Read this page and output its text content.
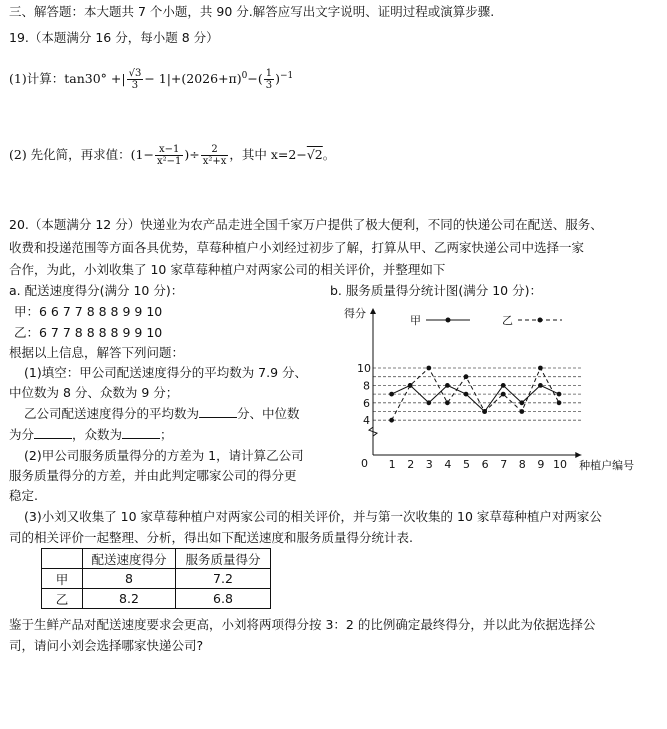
三、解答题：本大题共 7 个小题，共 90 分.解答应写出文字说明、证明过程或演算步骤.
19.（本题满分 16 分，每小题 8 分）
(1)计算：tan30° +| $\frac{√3}{3} - 1|+(2026+\pi)^0-( \frac{1}{3} )^{-1}$
(2) 先化简，再求值：($1- \frac{x-1}{\text{x²−1}}$ )÷ $\frac{2}{\text{x²+x}}$ ，其中 x=2−√2。
20.（本题满分 12 分）快递业为农产品走进全国千家万户提供了极大便利，不同的快递公司在配送、服务、
收费和投递范围等方面各具优势，草莓种植户小刘经过初步了解，打算从甲、乙两家快递公司中选择一家
合作，为此，小刘收集了 10 家草莓种植户对两家公司的相关评价，并整理如下
a. 配送速度得分(满分 10 分)：	b. 服务质量得分统计图(满分 10 分)：
甲：6 6 7 7 8 8 8 9 9 10
乙：6 7 7 8 8 8 8 9 9 10
根据以上信息，解答下列问题：
(1)填空：甲公司配送速度得分的平均数为 7.9 分、
中位数为 8 分、众数为 9 分；
乙公司配送速度得分的平均数为	分、中位数
为分	，众数为	；
(2)甲公司服务质量得分的方差为 1，请计算乙公司
服务质量得分的方差，并由此判定哪家公司的得分更
稳定.
(3)小刘又收集了 10 家草莓种植户对两家公司的相关评价，并与第一次收集的 10 家草莓种植户对两家公
司的相关评价一起整理、分析，得出如下配送速度和服务质量得分统计表.
	配送速度得分	服务质量得分
甲	8	7.2
乙	8.2	6.8
鉴于生鲜产品对配送速度要求会更高，小刘将两项得分按 3：2 的比例确定最终得分，并以此为依据选择公
司，请问小刘会选择哪家快递公司?
得分
种植户编号
0 1 2 3 4 5 6 7 8 9 10
4
6
8
10
甲	乙
